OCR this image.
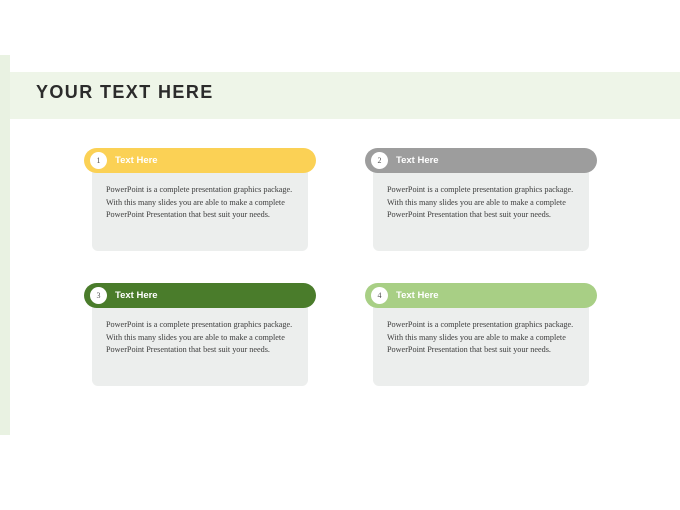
YOUR TEXT HERE
1	Text Here
PowerPoint is a complete presentation graphics package. With this many slides you are able to make a complete PowerPoint Presentation that best suit your needs.
2	Text Here
PowerPoint is a complete presentation graphics package. With this many slides you are able to make a complete PowerPoint Presentation that best suit your needs.
3	Text Here
PowerPoint is a complete presentation graphics package. With this many slides you are able to make a complete PowerPoint Presentation that best suit your needs.
4	Text Here
PowerPoint is a complete presentation graphics package. With this many slides you are able to make a complete PowerPoint Presentation that best suit your needs.
